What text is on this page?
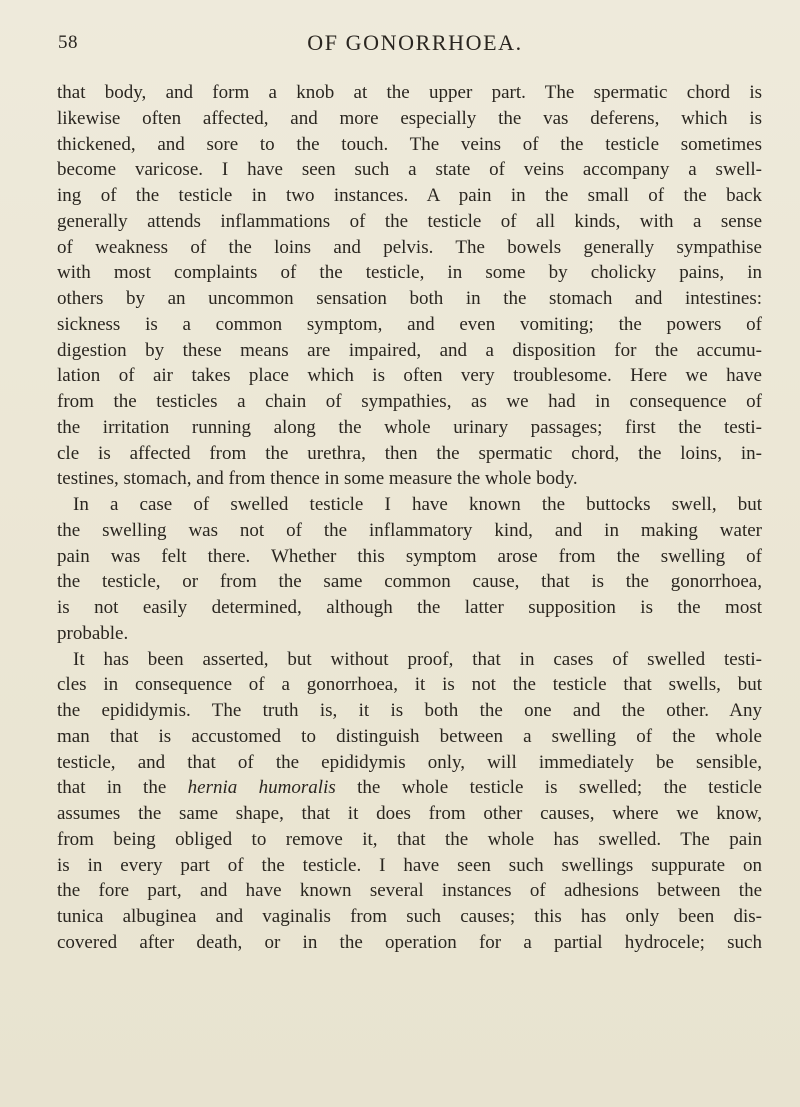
58	OF GONORRHOEA.
that body, and form a knob at the upper part. The spermatic chord is
likewise often affected, and more especially the vas deferens, which is
thickened, and sore to the touch. The veins of the testicle sometimes
become varicose. I have seen such a state of veins accompany a swell-
ing of the testicle in two instances. A pain in the small of the back
generally attends inflammations of the testicle of all kinds, with a sense
of weakness of the loins and pelvis. The bowels generally sympathise
with most complaints of the testicle, in some by cholicky pains, in
others by an uncommon sensation both in the stomach and intestines:
sickness is a common symptom, and even vomiting; the powers of
digestion by these means are impaired, and a disposition for the accumu-
lation of air takes place which is often very troublesome. Here we have
from the testicles a chain of sympathies, as we had in consequence of
the irritation running along the whole urinary passages; first the testi-
cle is affected from the urethra, then the spermatic chord, the loins, in-
testines, stomach, and from thence in some measure the whole body.
In a case of swelled testicle I have known the buttocks swell, but
the swelling was not of the inflammatory kind, and in making water
pain was felt there. Whether this symptom arose from the swelling of
the testicle, or from the same common cause, that is the gonorrhoea,
is not easily determined, although the latter supposition is the most
probable.
It has been asserted, but without proof, that in cases of swelled testi-
cles in consequence of a gonorrhoea, it is not the testicle that swells, but
the epididymis. The truth is, it is both the one and the other. Any
man that is accustomed to distinguish between a swelling of the whole
testicle, and that of the epididymis only, will immediately be sensible,
that in the hernia humoralis the whole testicle is swelled; the testicle
assumes the same shape, that it does from other causes, where we know,
from being obliged to remove it, that the whole has swelled. The pain
is in every part of the testicle. I have seen such swellings suppurate on
the fore part, and have known several instances of adhesions between the
tunica albuginea and vaginalis from such causes; this has only been dis-
covered after death, or in the operation for a partial hydrocele; such
